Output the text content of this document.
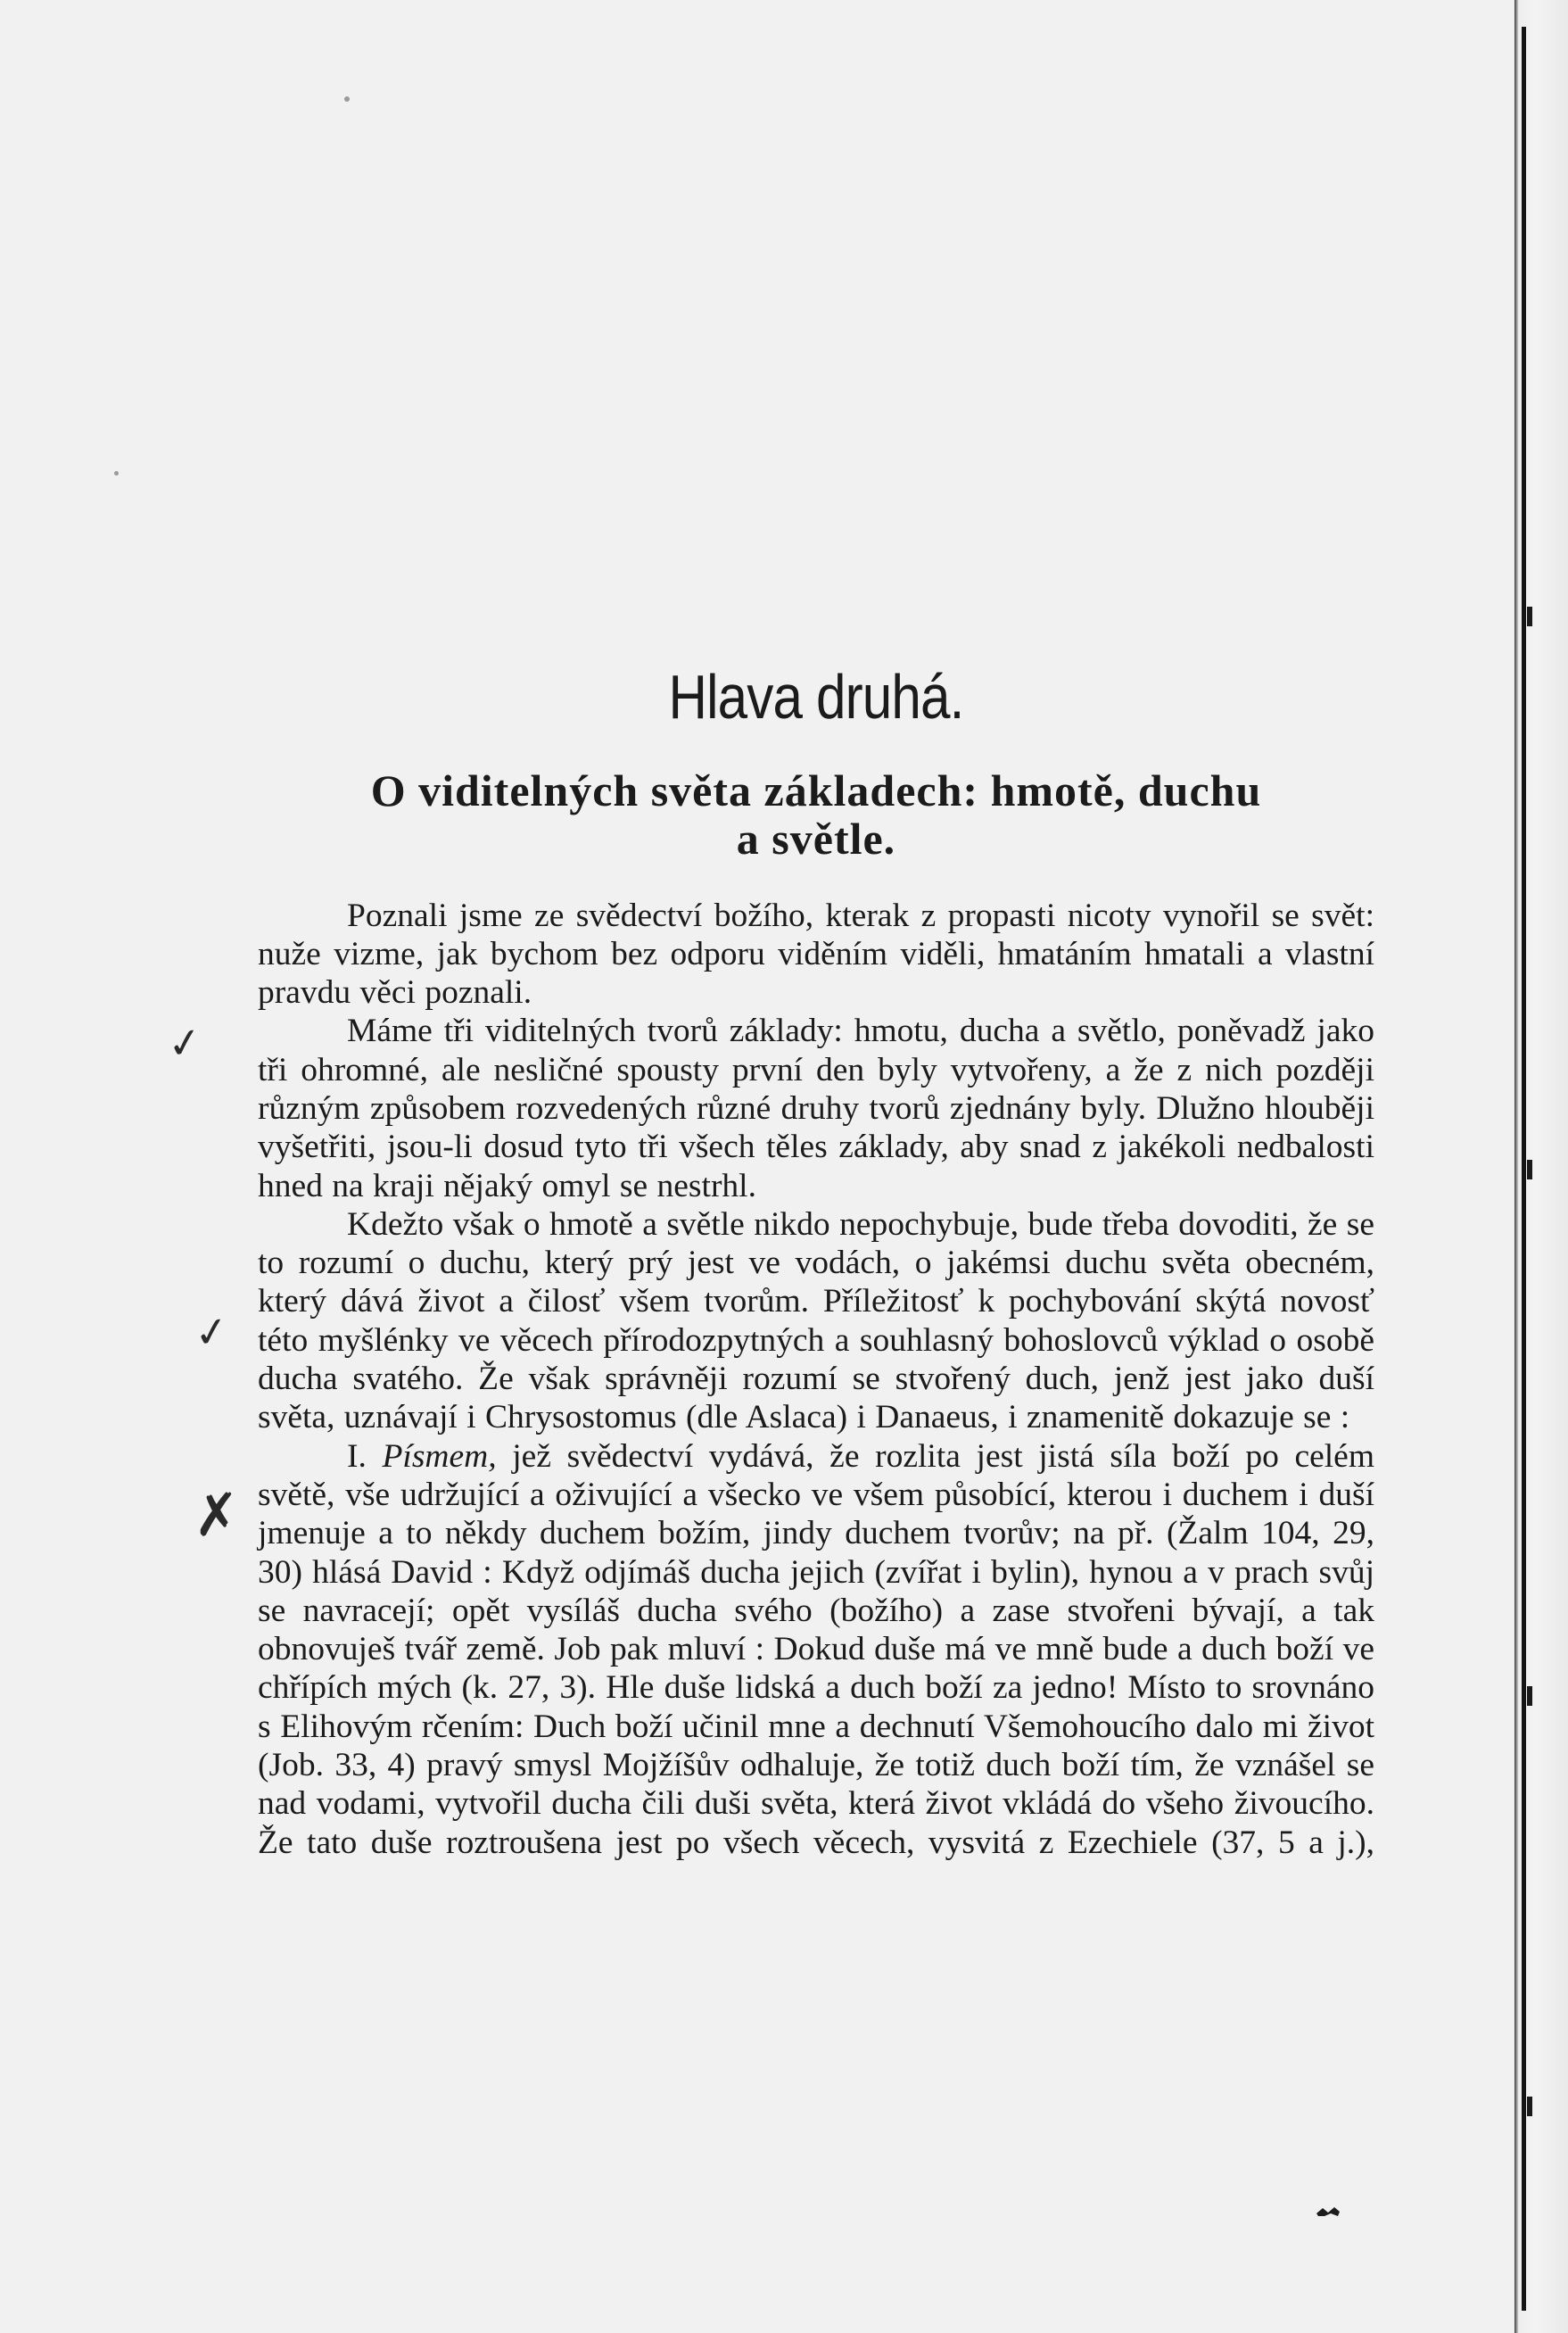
Hlava druhá.
O viditelných světa základech: hmotě, duchu
a světle.

Poznali jsme ze svědectví božího, kterak z propasti nicoty vynořil se svět: nuže vizme, jak bychom bez odporu viděním viděli, hmatáním hmatali a vlastní pravdu věci poznali.

Máme tři viditelných tvorů základy: hmotu, ducha a světlo, poněvadž jako tři ohromné, ale nesličné spousty první den byly vytvořeny, a že z nich později různým způsobem rozvedených různé druhy tvorů zjednány byly. Dlužno hlouběji vyšetřiti, jsou-li dosud tyto tři všech těles základy, aby snad z jakékoli nedbalosti hned na kraji nějaký omyl se nestrhl.

Kdežto však o hmotě a světle nikdo nepochybuje, bude třeba dovoditi, že se to rozumí o duchu, který prý jest ve vodách, o jakémsi duchu světa obecném, který dává život a čilosť všem tvorům. Příležitosť k pochybování skýtá novosť této myšlénky ve věcech přírodozpytných a souhlasný bohoslovců výklad o osobě ducha svatého. Že však správněji rozumí se stvořený duch, jenž jest jako duší světa, uznávají i Chrysostomus (dle Aslaca) i Danaeus, i znamenitě dokazuje se :

I. Písmem, jež svědectví vydává, že rozlita jest jistá síla boží po celém světě, vše udržující a oživující a všecko ve všem působící, kterou i duchem i duší jmenuje a to někdy duchem božím, jindy duchem tvorův; na př. (Žalm 104, 29, 30) hlásá David : Když odjímáš ducha jejich (zvířat i bylin), hynou a v prach svůj se navracejí; opět vysíláš ducha svého (božího) a zase stvořeni bývají, a tak obnovuješ tvář země. Job pak mluví : Dokud duše má ve mně bude a duch boží ve chřípích mých (k. 27, 3). Hle duše lidská a duch boží za jedno! Místo to srovnáno s Elihovým rčením: Duch boží učinil mne a dechnutí Všemohoucího dalo mi život (Job. 33, 4) pravý smysl Mojžíšův odhaluje, že totiž duch boží tím, že vznášel se nad vodami, vytvořil ducha čili duši světa, která život vkládá do všeho živoucího. Že tato duše roztroušena jest po všech věcech, vysvitá z Ezechiele (37, 5 a j.),

✓
✓
✗
